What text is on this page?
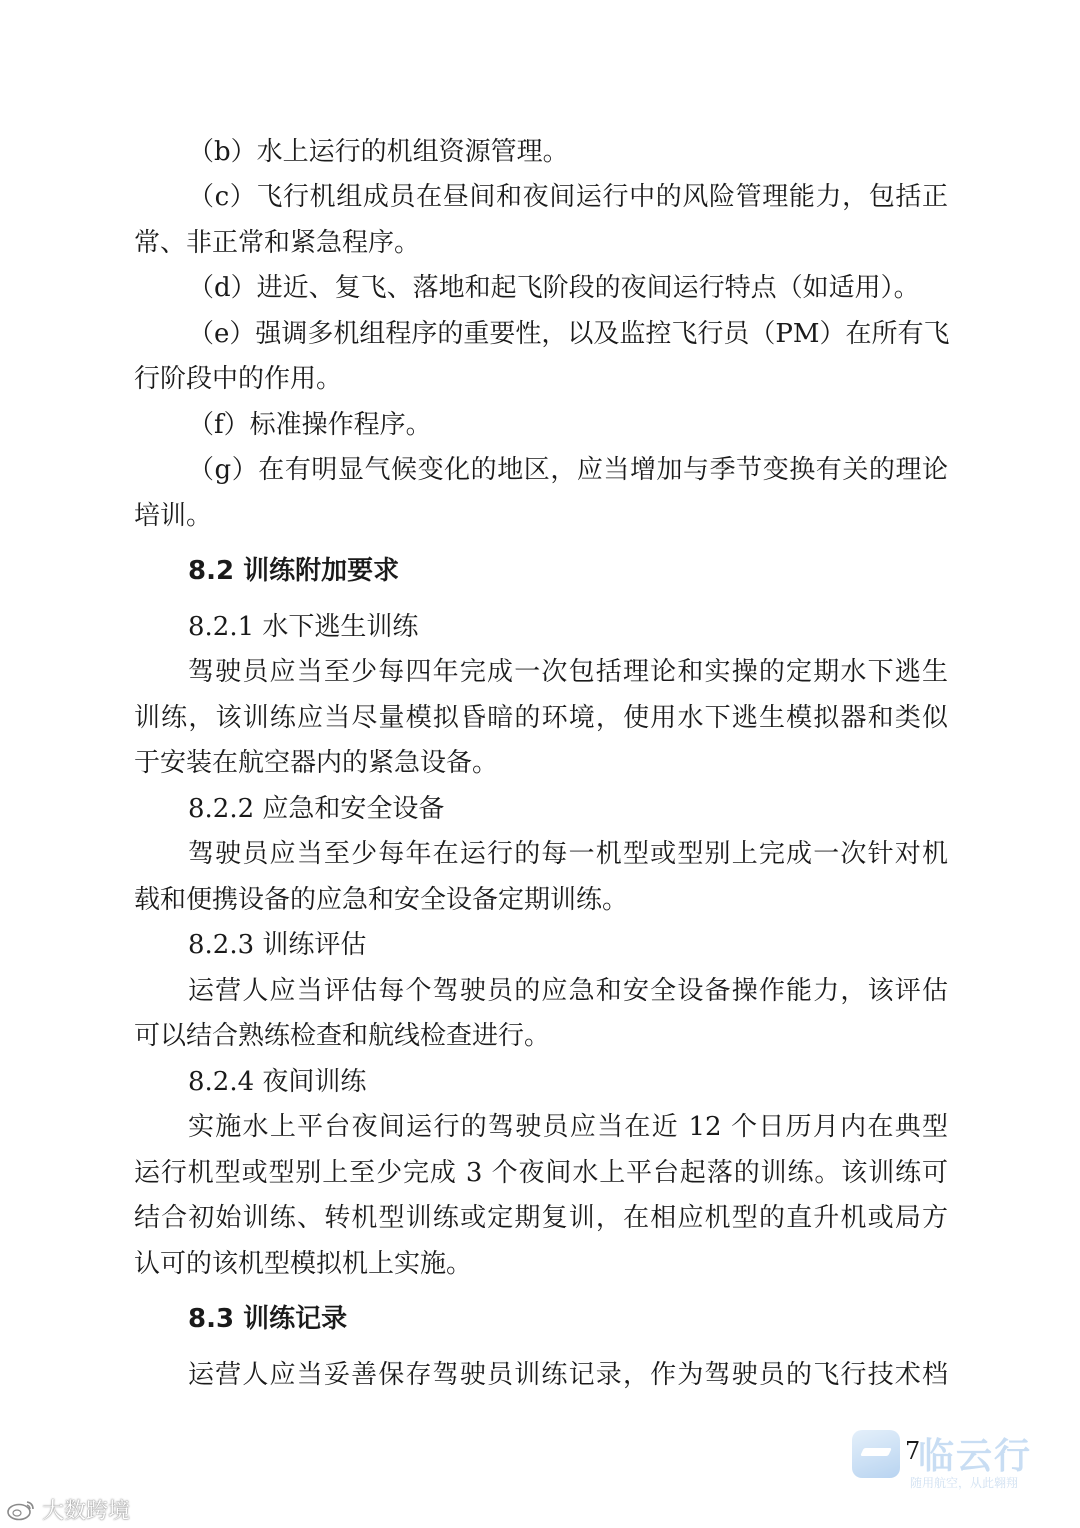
（b）水上运行的机组资源管理。
（c）飞行机组成员在昼间和夜间运行中的风险管理能力，包括正
常、非正常和紧急程序。
（d）进近、复飞、落地和起飞阶段的夜间运行特点（如适用）。
（e）强调多机组程序的重要性，以及监控飞行员（PM）在所有飞
行阶段中的作用。
（f）标准操作程序。
（g）在有明显气候变化的地区，应当增加与季节变换有关的理论
培训。
8.2 训练附加要求
8.2.1 水下逃生训练
驾驶员应当至少每四年完成一次包括理论和实操的定期水下逃生
训练，该训练应当尽量模拟昏暗的环境，使用水下逃生模拟器和类似
于安装在航空器内的紧急设备。
8.2.2 应急和安全设备
驾驶员应当至少每年在运行的每一机型或型别上完成一次针对机
载和便携设备的应急和安全设备定期训练。
8.2.3 训练评估
运营人应当评估每个驾驶员的应急和安全设备操作能力，该评估
可以结合熟练检查和航线检查进行。
8.2.4 夜间训练
实施水上平台夜间运行的驾驶员应当在近 12 个日历月内在典型
运行机型或型别上至少完成 3 个夜间水上平台起落的训练。该训练可
结合初始训练、转机型训练或定期复训，在相应机型的直升机或局方
认可的该机型模拟机上实施。
8.3 训练记录
运营人应当妥善保存驾驶员训练记录，作为驾驶员的飞行技术档
临云行
随用航空，从此翱翔
7
大数跨境
